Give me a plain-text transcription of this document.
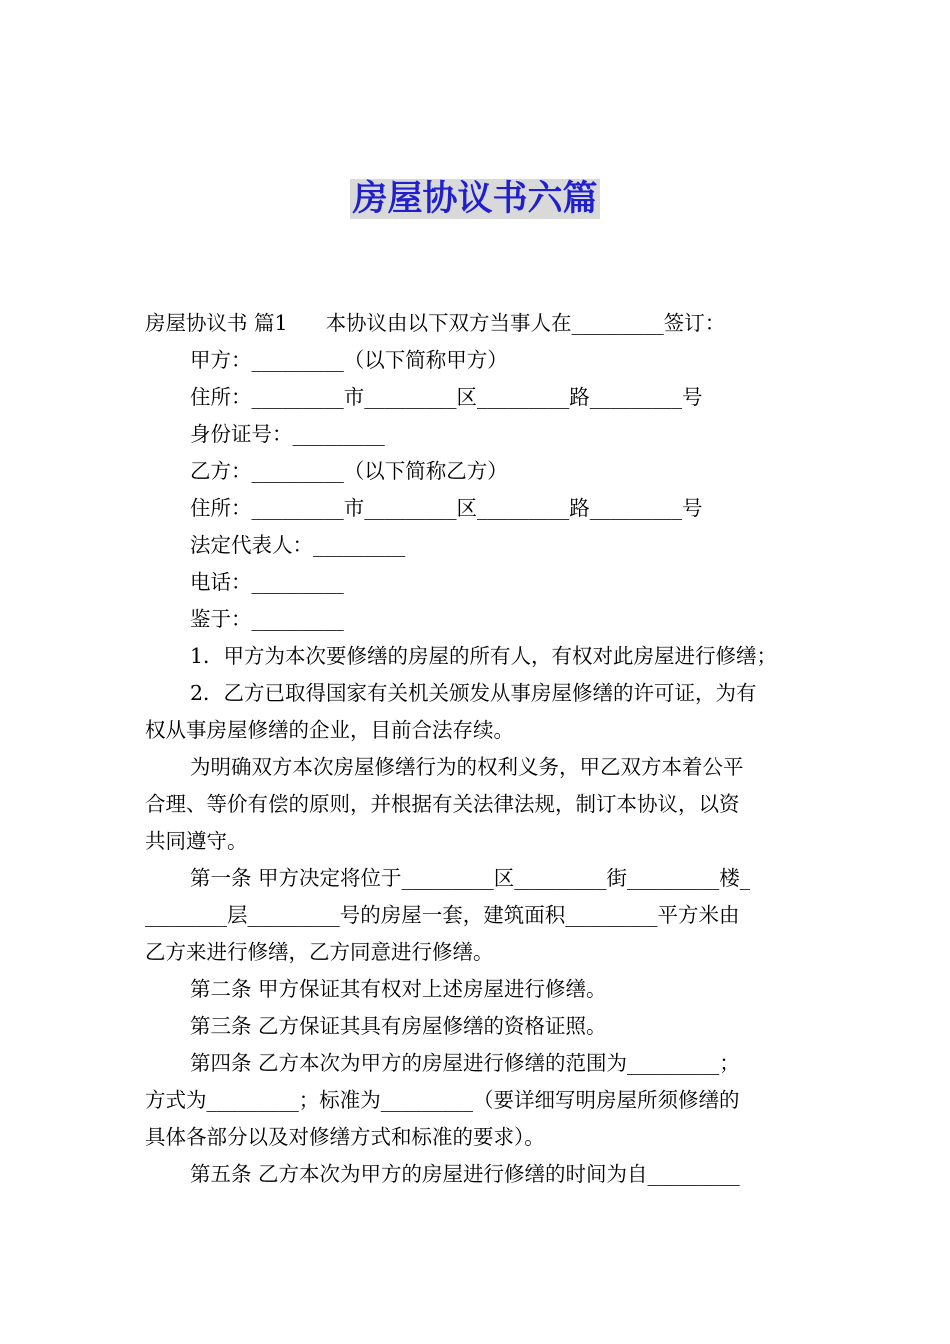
房屋协议书六篇
房屋协议书 篇1 本协议由以下双方当事人在_________签订：
甲方：_________（以下简称甲方）
住所：_________市_________区_________路_________号
身份证号：_________
乙方：_________（以下简称乙方）
住所：_________市_________区_________路_________号
法定代表人：_________
电话：_________
鉴于：_________
1．甲方为本次要修缮的房屋的所有人，有权对此房屋进行修缮；
2．乙方已取得国家有关机关颁发从事房屋修缮的许可证，为有
权从事房屋修缮的企业，目前合法存续。
为明确双方本次房屋修缮行为的权利义务，甲乙双方本着公平
合理、等价有偿的原则，并根据有关法律法规，制订本协议，以资
共同遵守。
第一条 甲方决定将位于_________区_________街_________楼_
________层_________号的房屋一套，建筑面积_________平方米由
乙方来进行修缮，乙方同意进行修缮。
第二条 甲方保证其有权对上述房屋进行修缮。
第三条 乙方保证其具有房屋修缮的资格证照。
第四条 乙方本次为甲方的房屋进行修缮的范围为_________；
方式为_________；标准为_________（要详细写明房屋所须修缮的
具体各部分以及对修缮方式和标准的要求）。
第五条 乙方本次为甲方的房屋进行修缮的时间为自_________
